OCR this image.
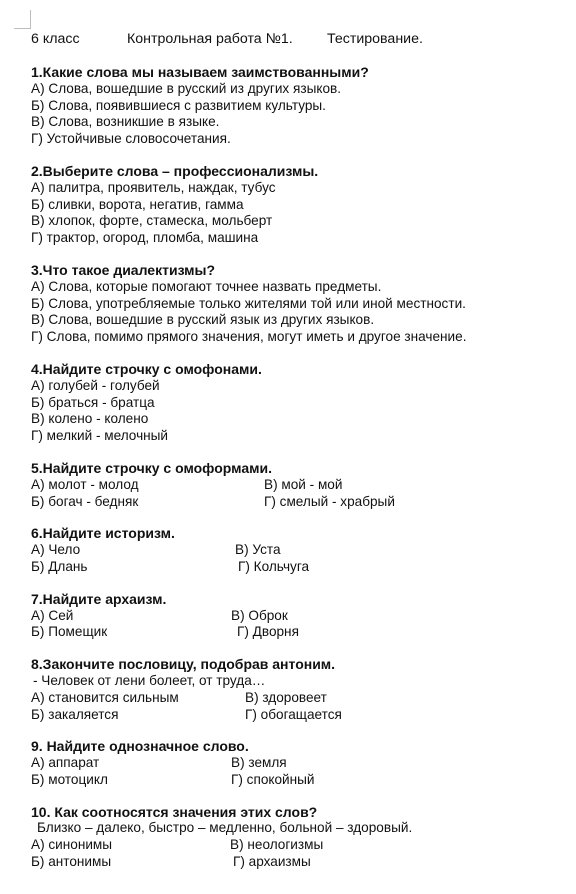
6 класс	Контрольная работа №1. Тестирование.
1.Какие слова мы называем заимствованными?
А) Слова, вошедшие в русский из других языков.
Б) Слова, появившиеся с развитием культуры.
В) Слова, возникшие в языке.
Г) Устойчивые словосочетания.
2.Выберите слова – профессионализмы.
А) палитра, проявитель, наждак, тубус
Б) сливки, ворота, негатив, гамма
В) хлопок, форте, стамеска, мольберт
Г) трактор, огород, пломба, машина
3.Что такое диалектизмы?
А) Слова, которые помогают точнее назвать предметы.
Б) Слова, употребляемые только жителями той или иной местности.
В) Слова, вошедшие в русский язык из других языков.
Г) Слова, помимо прямого значения, могут иметь и другое значение.
4.Найдите строчку с омофонами.
А) голубей - голубей
Б) браться - братца
В) колено - колено
Г) мелкий - мелочный
5.Найдите строчку с омоформами.
А) молот - молод	В) мой - мой
Б) богач - бедняк	Г) смелый - храбрый
6.Найдите историзм.
А) Чело	В) Уста
Б) Длань	Г) Кольчуга
7.Найдите архаизм.
А) Сей	В) Оброк
Б) Помещик	Г) Дворня
8.Закончите пословицу, подобрав антоним.
- Человек от лени болеет, от труда…
А) становится сильным	В) здоровеет
Б) закаляется	Г) обогащается
9. Найдите однозначное слово.
А) аппарат	В) земля
Б) мотоцикл	Г) спокойный
10. Как соотносятся значения этих слов?
Близко – далеко, быстро – медленно, больной – здоровый.
А) синонимы	В) неологизмы
Б) антонимы	Г) архаизмы
